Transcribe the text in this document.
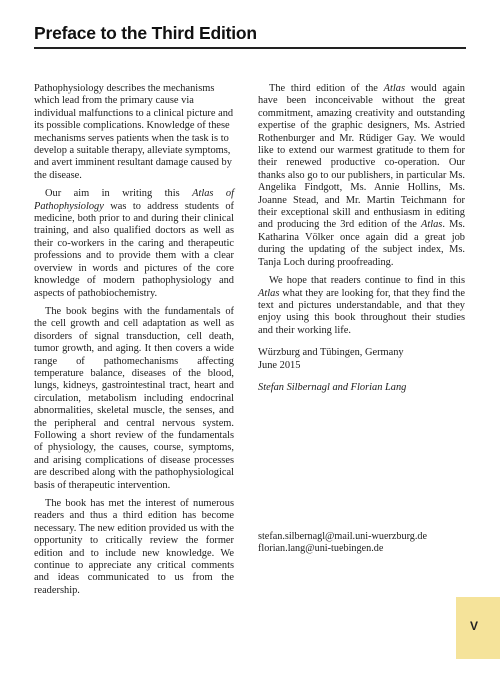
Preface to the Third Edition

Pathophysiology describes the mechanisms which lead from the primary cause via individual malfunctions to a clinical picture and its possible complications. Knowledge of these mechanisms serves patients when the task is to develop a suitable therapy, alleviate symptoms, and avert imminent resultant damage caused by the disease.

Our aim in writing this Atlas of Pathophysiology was to address students of medicine, both prior to and during their clinical training, and also qualified doctors as well as their co-workers in the caring and therapeutic professions and to provide them with a clear overview in words and pictures of the core knowledge of modern pathophysiology and aspects of pathobiochemistry.

The book begins with the fundamentals of the cell growth and cell adaptation as well as disorders of signal transduction, cell death, tumor growth, and aging. It then covers a wide range of pathomechanisms affecting temperature balance, diseases of the blood, lungs, kidneys, gastrointestinal tract, heart and circulation, metabolism including endocrinal abnormalities, skeletal muscle, the senses, and the peripheral and central nervous system. Following a short review of the fundamentals of physiology, the causes, course, symptoms, and arising complications of disease processes are described along with the pathophysiological basis of therapeutic intervention.

The book has met the interest of numerous readers and thus a third edition has become necessary. The new edition provided us with the opportunity to critically review the former edition and to include new knowledge. We continue to appreciate any critical comments and ideas communicated to us from the readership.

The third edition of the Atlas would again have been inconceivable without the great commitment, amazing creativity and outstanding expertise of the graphic designers, Ms. Astried Rothenburger and Mr. Rüdiger Gay. We would like to extend our warmest gratitude to them for their renewed productive co-operation. Our thanks also go to our publishers, in particular Ms. Angelika Findgott, Ms. Annie Hollins, Ms. Joanne Stead, and Mr. Martin Teichmann for their exceptional skill and enthusiasm in editing and producing the 3rd edition of the Atlas. Ms. Katharina Völker once again did a great job during the updating of the subject index, Ms. Tanja Loch during proofreading.

We hope that readers continue to find in this Atlas what they are looking for, that they find the text and pictures understandable, and that they enjoy using this book throughout their studies and their working life.

Würzburg and Tübingen, Germany
June 2015
Stefan Silbernagl and Florian Lang
stefan.silbernagl@mail.uni-wuerzburg.de
florian.lang@uni-tuebingen.de
V
